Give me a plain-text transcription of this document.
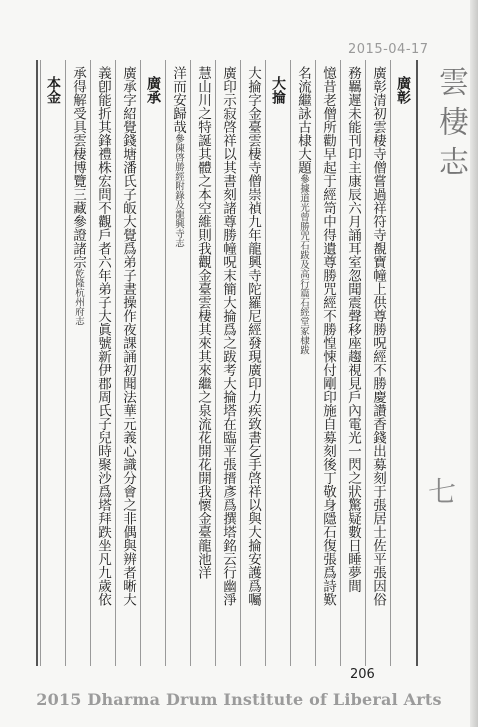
2015-04-17
雲棲志
七
廣彰
廣彰清初雲棲寺僧嘗過祥符寺覩寶幢上供尊勝呪經不勝慶讚香錢出募刻于張居士佐平張因俗
務羈遲未能刊印主康辰六月誦耳室忽聞震聲移座趨視見戶內電光一閃之狀驚疑數日睡夢間
憶昔老僧所勸早起于經笥中得遺尊勝咒經不勝惶悚付剛印施自募刻後丁敬身隱石復張爲詩歎
名流繼詠古棣大題參據道光曾勝咒石跋及高行篇石經堂冢棣跋
大掄
大掄字金臺雲棲寺僧崇禎九年龍興寺陀羅尼經發現廣印力疾致書乞手啓祥以與大掄安護爲囑
廣印示寂啓祥以其書刻諸尊勝幢呪末簡大掄爲之跋考大掄塔在臨平張搢彥爲撰塔銘云行幽淨
慧山川之特誕其體之本空維則我觀金臺雲棲其來其來繼之泉流花開花開我懷金臺龍池洋
洋而安歸哉參陳啓勝經附錄及龍興寺志
廣承
廣承字紹覺錢塘潘氏子皈大覺爲弟子晝操作夜課誦初聞法華元義心識分會之非偶與辨者晰大
義卽能折其鋒禮株宏問不觀戶者六年弟子大眞號新伊郡周氏子兒時聚沙爲塔拜跌坐凡九歲依
承得解受具雲棲博覽三藏參證諸宗乾隆杭州府志
本金
206
2015 Dharma Drum Institute of Liberal Arts
